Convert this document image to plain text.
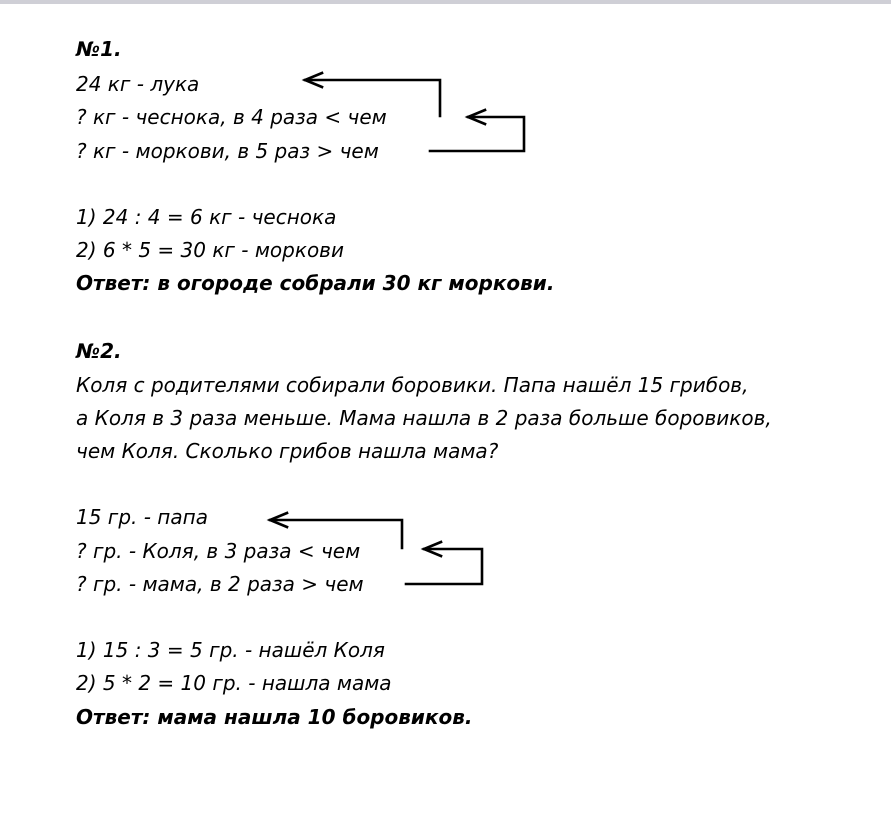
№1.

24 кг - лука

? кг - чеснока, в 4 раза < чем

? кг - моркови, в 5 раз > чем

1) 24 : 4 = 6 кг - чеснока

2) 6 * 5 = 30 кг - моркови

Ответ: в огороде собрали 30 кг моркови.

№2.

Коля с родителями собирали боровики. Папа нашёл 15 грибов,

а Коля в 3 раза меньше. Мама нашла в 2 раза больше боровиков,

чем Коля. Сколько грибов нашла мама?

15 гр. - папа

? гр. - Коля, в 3 раза < чем

? гр. - мама, в 2 раза > чем

1) 15 : 3 = 5 гр. - нашёл Коля

2) 5 * 2 = 10 гр. - нашла мама

Ответ: мама нашла 10 боровиков.
